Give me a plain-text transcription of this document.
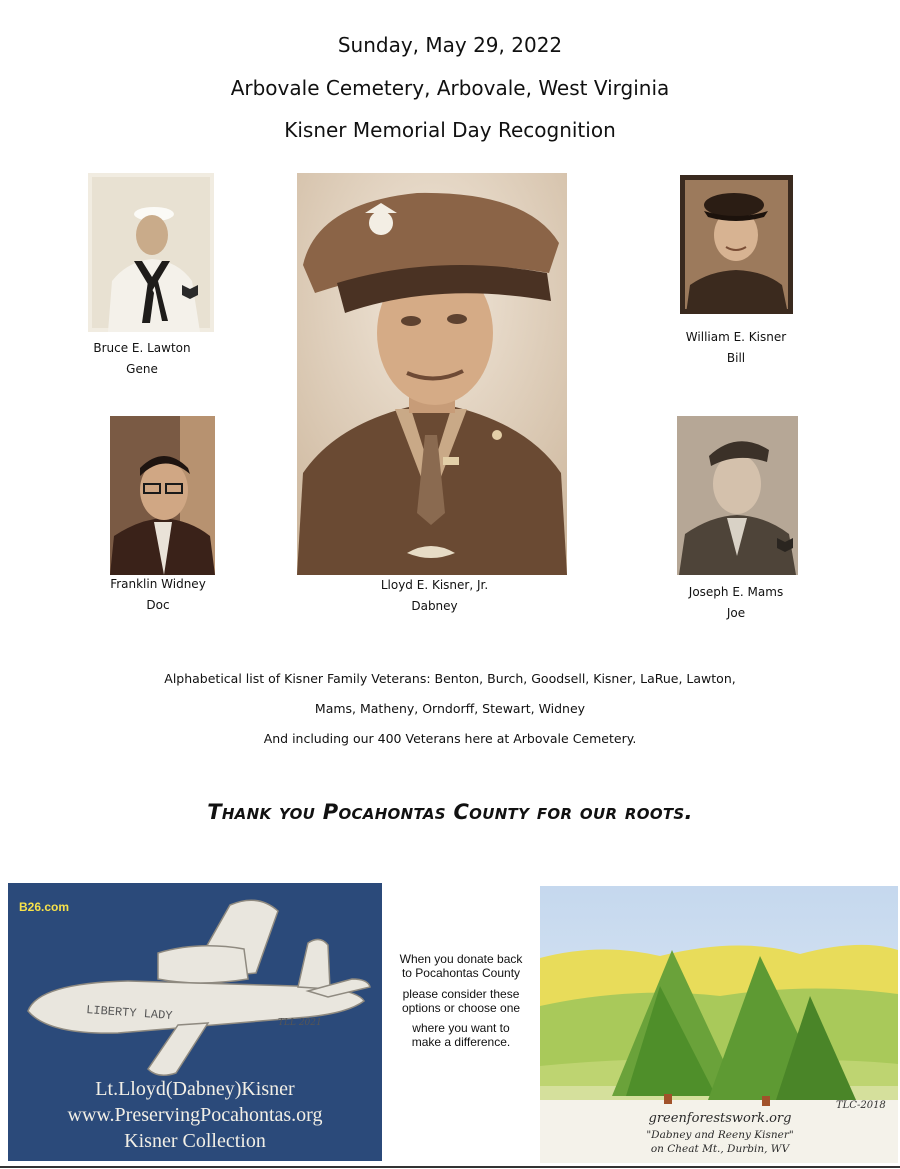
Sunday, May 29, 2022
Arbovale Cemetery, Arbovale, West Virginia
Kisner Memorial Day Recognition
Bruce E. Lawton
Gene
Lloyd E. Kisner, Jr.
Dabney
William E. Kisner
Bill
Franklin Widney
Doc
Joseph E. Mams
Joe
Alphabetical list of Kisner Family Veterans: Benton, Burch, Goodsell, Kisner, LaRue, Lawton,
Mams, Matheny, Orndorff, Stewart, Widney
And including our 400 Veterans here at Arbovale Cemetery.
Thank you Pocahontas County for our roots.
B26.com
LIBERTY LADY	TLL 2021
Lt.Lloyd(Dabney)Kisner
www.PreservingPocahontas.org
Kisner Collection
When you donate back
to Pocahontas County
please consider these
options or choose one
where you want to
make a difference.
TLC-2018
greenforestswork.org
"Dabney and Reeny Kisner"
on Cheat Mt., Durbin, WV
